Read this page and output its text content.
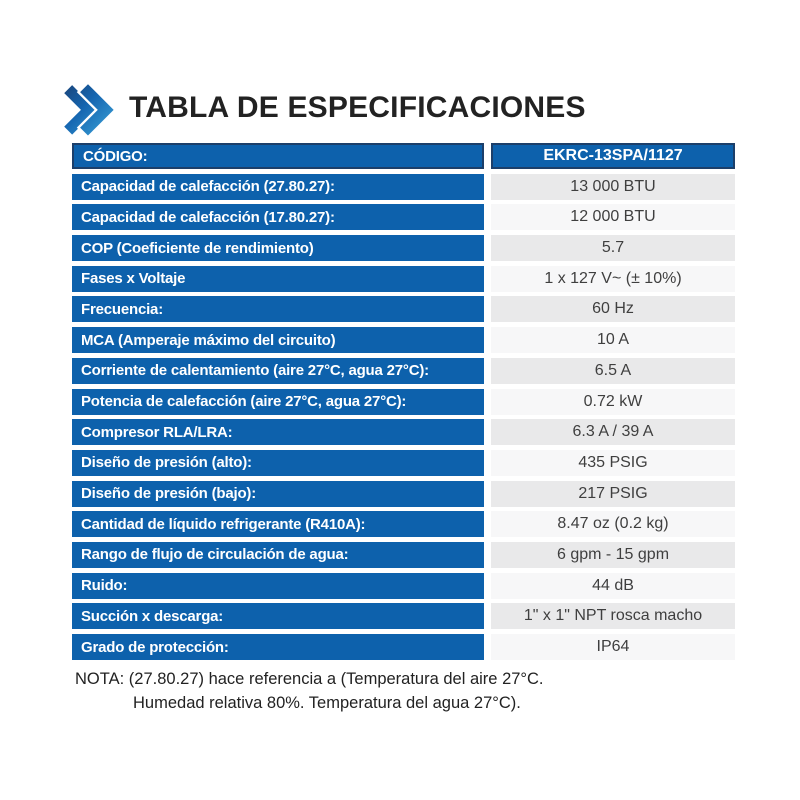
TABLA DE ESPECIFICACIONES
CÓDIGO:	EKRC-13SPA/1127
Capacidad de calefacción (27.80.27):	13 000 BTU
Capacidad de calefacción (17.80.27):	12 000 BTU
COP (Coeficiente de rendimiento)	5.7
Fases x Voltaje	1 x 127 V~ (± 10%)
Frecuencia:	60 Hz
MCA (Amperaje máximo del circuito)	10 A
Corriente de calentamiento (aire 27°C, agua 27°C):	6.5 A
Potencia de calefacción (aire 27°C, agua 27°C):	0.72 kW
Compresor RLA/LRA:	6.3 A / 39 A
Diseño de presión (alto):	435 PSIG
Diseño de presión (bajo):	217 PSIG
Cantidad de líquido refrigerante (R410A):	8.47 oz (0.2 kg)
Rango de flujo de circulación de agua:	6 gpm - 15 gpm
Ruido:	44 dB
Succión x descarga:	1" x 1" NPT rosca macho
Grado de protección:	IP64

NOTA: (27.80.27) hace referencia a (Temperatura del aire 27°C.
Humedad relativa 80%. Temperatura del agua 27°C).
